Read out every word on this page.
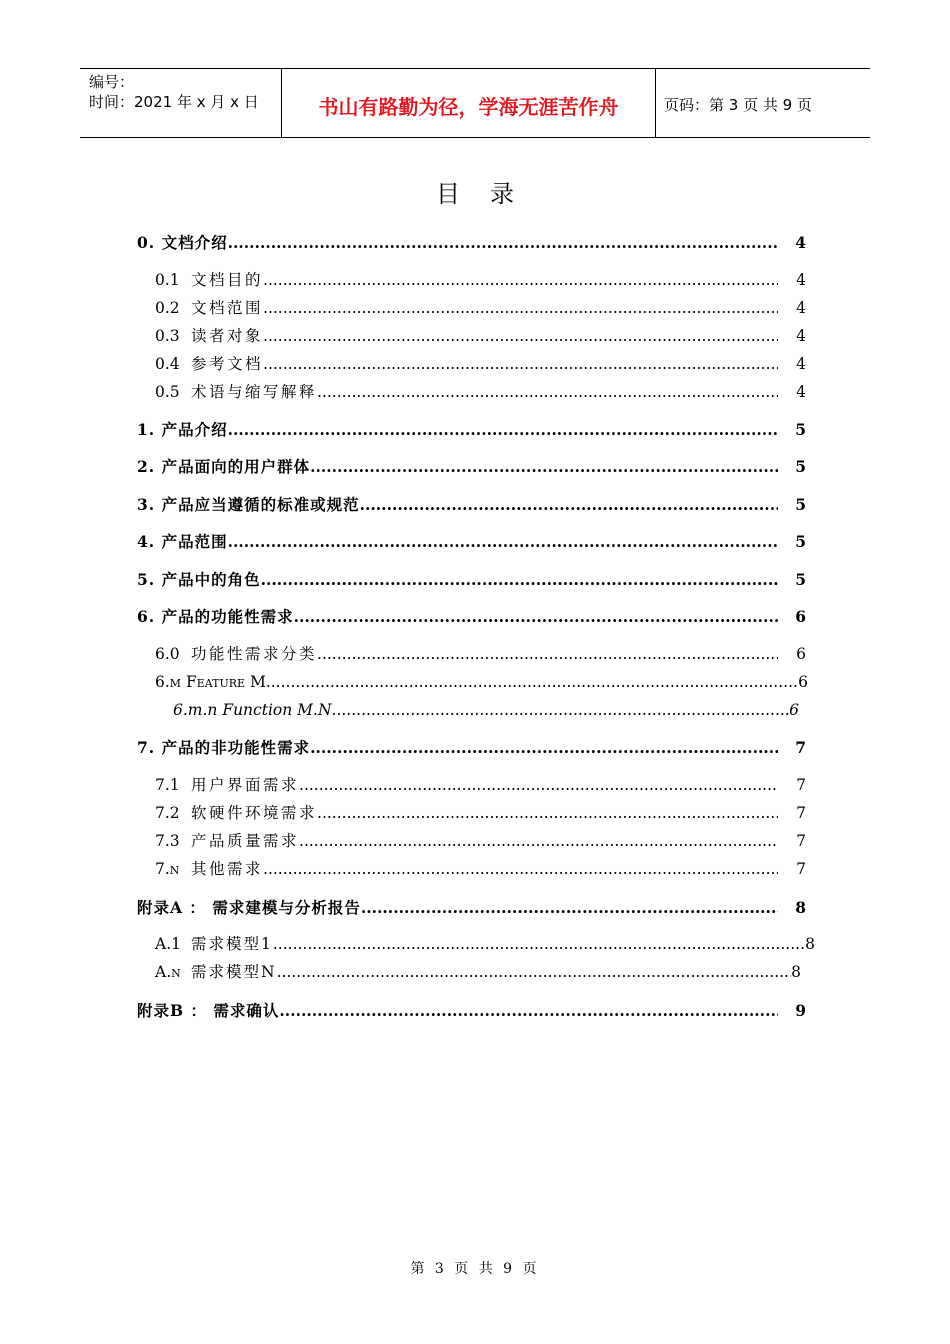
编号：
时间：2021 年 x 月 x 日	书山有路勤为径，学海无涯苦作舟	页码：第 3 页 共 9 页
目录
0. 文档介绍 .....	4
0.1 文档目的 .....	4
0.2 文档范围 .....	4
0.3 读者对象 .....	4
0.4 参考文档 .....	4
0.5 术语与缩写解释 .....	4
1. 产品介绍 .....	5
2. 产品面向的用户群体 .....	5
3. 产品应当遵循的标准或规范 .....	5
4. 产品范围 .....	5
5. 产品中的角色 .....	5
6. 产品的功能性需求 .....	6
6.0 功能性需求分类 .....	6
6.m Feature M .....	6
6.m.n Function M.N .....	6
7. 产品的非功能性需求 .....	7
7.1 用户界面需求 .....	7
7.2 软硬件环境需求 .....	7
7.3 产品质量需求 .....	7
7.n 其他需求 .....	7
附录A ： 需求建模与分析报告 .....	8
A.1 需求模型1 .....	8
A.n 需求模型N .....	8
附录B ： 需求确认 .....	9
第 3 页 共 9 页
